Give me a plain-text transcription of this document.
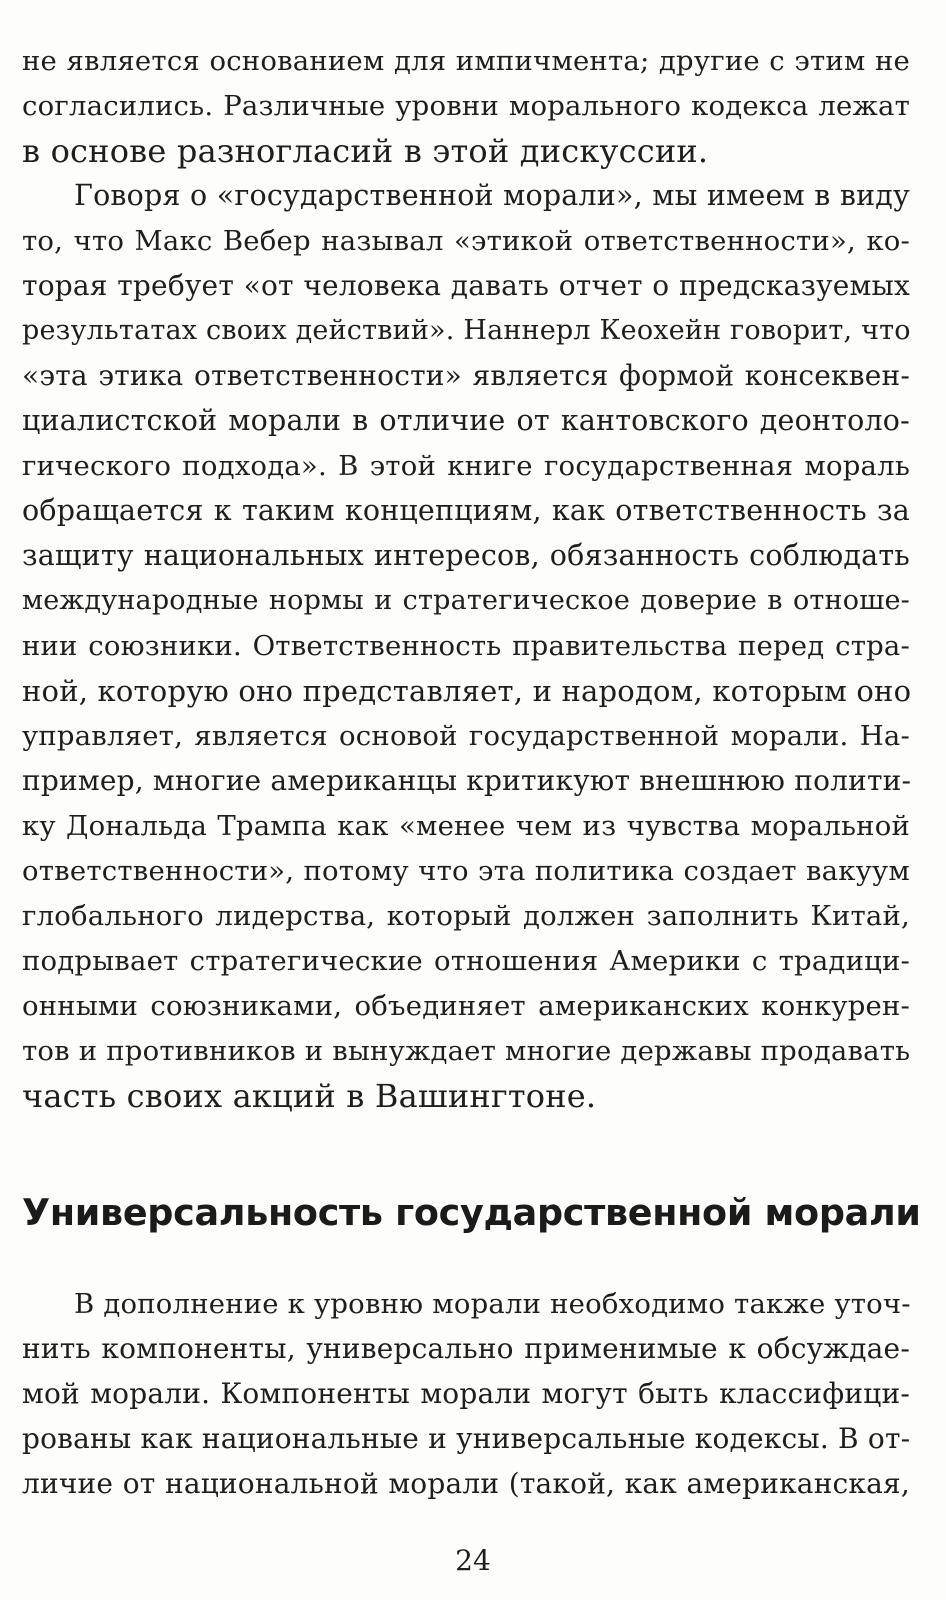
не является основанием для импичмента; другие с этим не
согласились. Различные уровни морального кодекса лежат
в основе разногласий в этой дискуссии.
Говоря о «государственной морали», мы имеем в виду
то, что Макс Вебер называл «этикой ответственности», ко-
торая требует «от человека давать отчет о предсказуемых
результатах своих действий». Наннерл Кеохейн говорит, что
«эта этика ответственности» является формой консеквен-
циалистской морали в отличие от кантовского деонтоло-
гического подхода». В этой книге государственная мораль
обращается к таким концепциям, как ответственность за
защиту национальных интересов, обязанность соблюдать
международные нормы и стратегическое доверие в отноше-
нии союзники. Ответственность правительства перед стра-
ной, которую оно представляет, и народом, которым оно
управляет, является основой государственной морали. На-
пример, многие американцы критикуют внешнюю полити-
ку Дональда Трампа как «менее чем из чувства моральной
ответственности», потому что эта политика создает вакуум
глобального лидерства, который должен заполнить Китай,
подрывает стратегические отношения Америки с традици-
онными союзниками, объединяет американских конкурен-
тов и противников и вынуждает многие державы продавать
часть своих акций в Вашингтоне.
Универсальность государственной морали
В дополнение к уровню морали необходимо также уточ-
нить компоненты, универсально применимые к обсуждае-
мой морали. Компоненты морали могут быть классифици-
рованы как национальные и универсальные кодексы. В от-
личие от национальной морали (такой, как американская,
24
